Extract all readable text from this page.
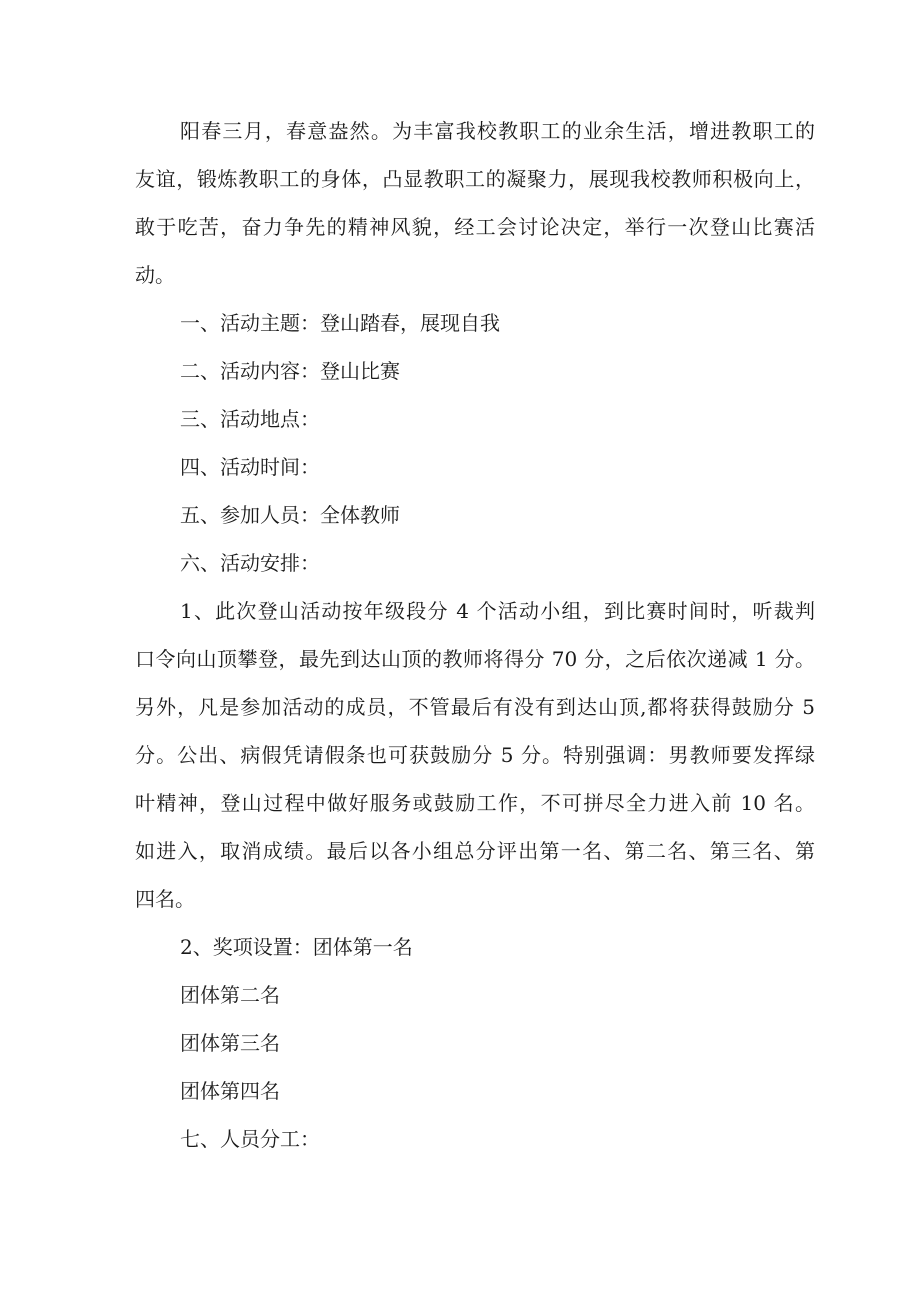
阳春三月，春意盎然。为丰富我校教职工的业余生活，增进教职工的

友谊，锻炼教职工的身体，凸显教职工的凝聚力，展现我校教师积极向上，

敢于吃苦，奋力争先的精神风貌，经工会讨论决定，举行一次登山比赛活

动。

一、活动主题：登山踏春，展现自我

二、活动内容：登山比赛

三、活动地点：

四、活动时间：

五、参加人员：全体教师

六、活动安排：

1、此次登山活动按年级段分 4 个活动小组，到比赛时间时，听裁判

口令向山顶攀登，最先到达山顶的教师将得分 70 分，之后依次递减 1 分。

另外，凡是参加活动的成员，不管最后有没有到达山顶,都将获得鼓励分 5

分。公出、病假凭请假条也可获鼓励分 5 分。特别强调：男教师要发挥绿

叶精神，登山过程中做好服务或鼓励工作，不可拼尽全力进入前 10 名。

如进入，取消成绩。最后以各小组总分评出第一名、第二名、第三名、第

四名。

2、奖项设置：团体第一名

团体第二名

团体第三名

团体第四名

七、人员分工：
